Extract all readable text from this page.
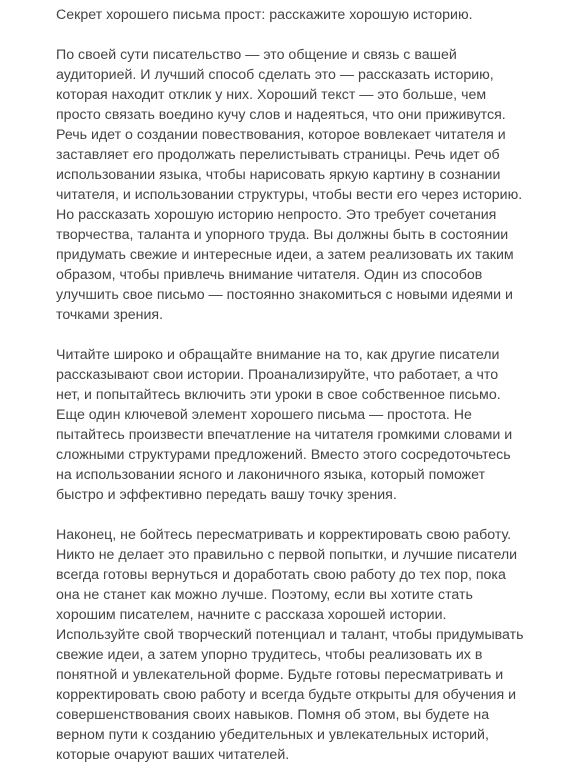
Секрет хорошего письма прост: расскажите хорошую историю.

По своей сути писательство — это общение и связь с вашей аудиторией. И лучший способ сделать это — рассказать историю, которая находит отклик у них. Хороший текст — это больше, чем просто связать воедино кучу слов и надеяться, что они приживутся. Речь идет о создании повествования, которое вовлекает читателя и заставляет его продолжать перелистывать страницы. Речь идет об использовании языка, чтобы нарисовать яркую картину в сознании читателя, и использовании структуры, чтобы вести его через историю. Но рассказать хорошую историю непросто. Это требует сочетания творчества, таланта и упорного труда. Вы должны быть в состоянии придумать свежие и интересные идеи, а затем реализовать их таким образом, чтобы привлечь внимание читателя. Один из способов улучшить свое письмо — постоянно знакомиться с новыми идеями и точками зрения.

Читайте широко и обращайте внимание на то, как другие писатели рассказывают свои истории. Проанализируйте, что работает, а что нет, и попытайтесь включить эти уроки в свое собственное письмо. Еще один ключевой элемент хорошего письма — простота. Не пытайтесь произвести впечатление на читателя громкими словами и сложными структурами предложений. Вместо этого сосредоточьтесь на использовании ясного и лаконичного языка, который поможет быстро и эффективно передать вашу точку зрения.

Наконец, не бойтесь пересматривать и корректировать свою работу. Никто не делает это правильно с первой попытки, и лучшие писатели всегда готовы вернуться и доработать свою работу до тех пор, пока она не станет как можно лучше. Поэтому, если вы хотите стать хорошим писателем, начните с рассказа хорошей истории. Используйте свой творческий потенциал и талант, чтобы придумывать свежие идеи, а затем упорно трудитесь, чтобы реализовать их в понятной и увлекательной форме. Будьте готовы пересматривать и корректировать свою работу и всегда будьте открыты для обучения и совершенствования своих навыков. Помня об этом, вы будете на верном пути к созданию убедительных и увлекательных историй, которые очаруют ваших читателей.
